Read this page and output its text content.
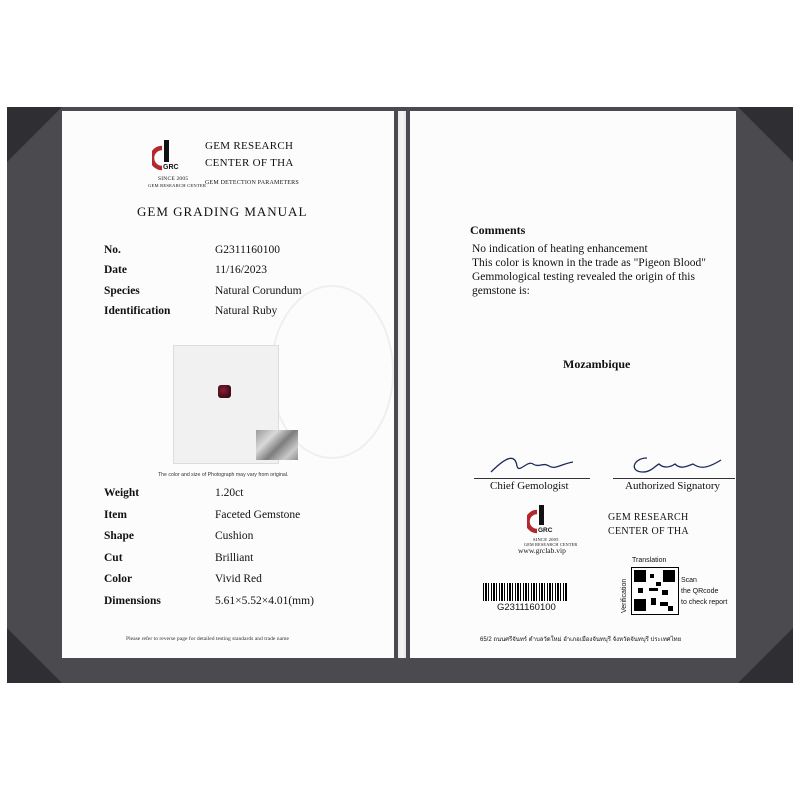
GRC
SINCE 2005
GEM RESEARCH CENTER
GEM RESEARCH
CENTER OF THA
GEM DETECTION PARAMETERS
GEM GRADING MANUAL
No.	G2311160100
Date	11/16/2023
Species	Natural Corundum
Identification	Natural Ruby
The color and size of Photograph may vary from original.
Weight	1.20ct
Item	Faceted Gemstone
Shape	Cushion
Cut	Brilliant
Color	Vivid Red
Dimensions	5.61×5.52×4.01(mm)
Please refer to reverse page for detailed testing standards and trade name
Comments
No indication of heating enhancement
This color is known in the trade as "Pigeon Blood"
Gemmological testing revealed the origin of this
gemstone is:
Mozambique
Chief Gemologist	Authorized Signatory
GRC
SINCE 2005
GEM RESEARCH CENTER
www.grclab.vip
GEM RESEARCH
CENTER OF THA
G2311160100
Translation
Verification	Scan
the QRcode
to check report
65/2 ถนนศรีจันทร์ ตำบลวัดใหม่ อำเภอเมืองจันทบุรี จังหวัดจันทบุรี ประเทศไทย
